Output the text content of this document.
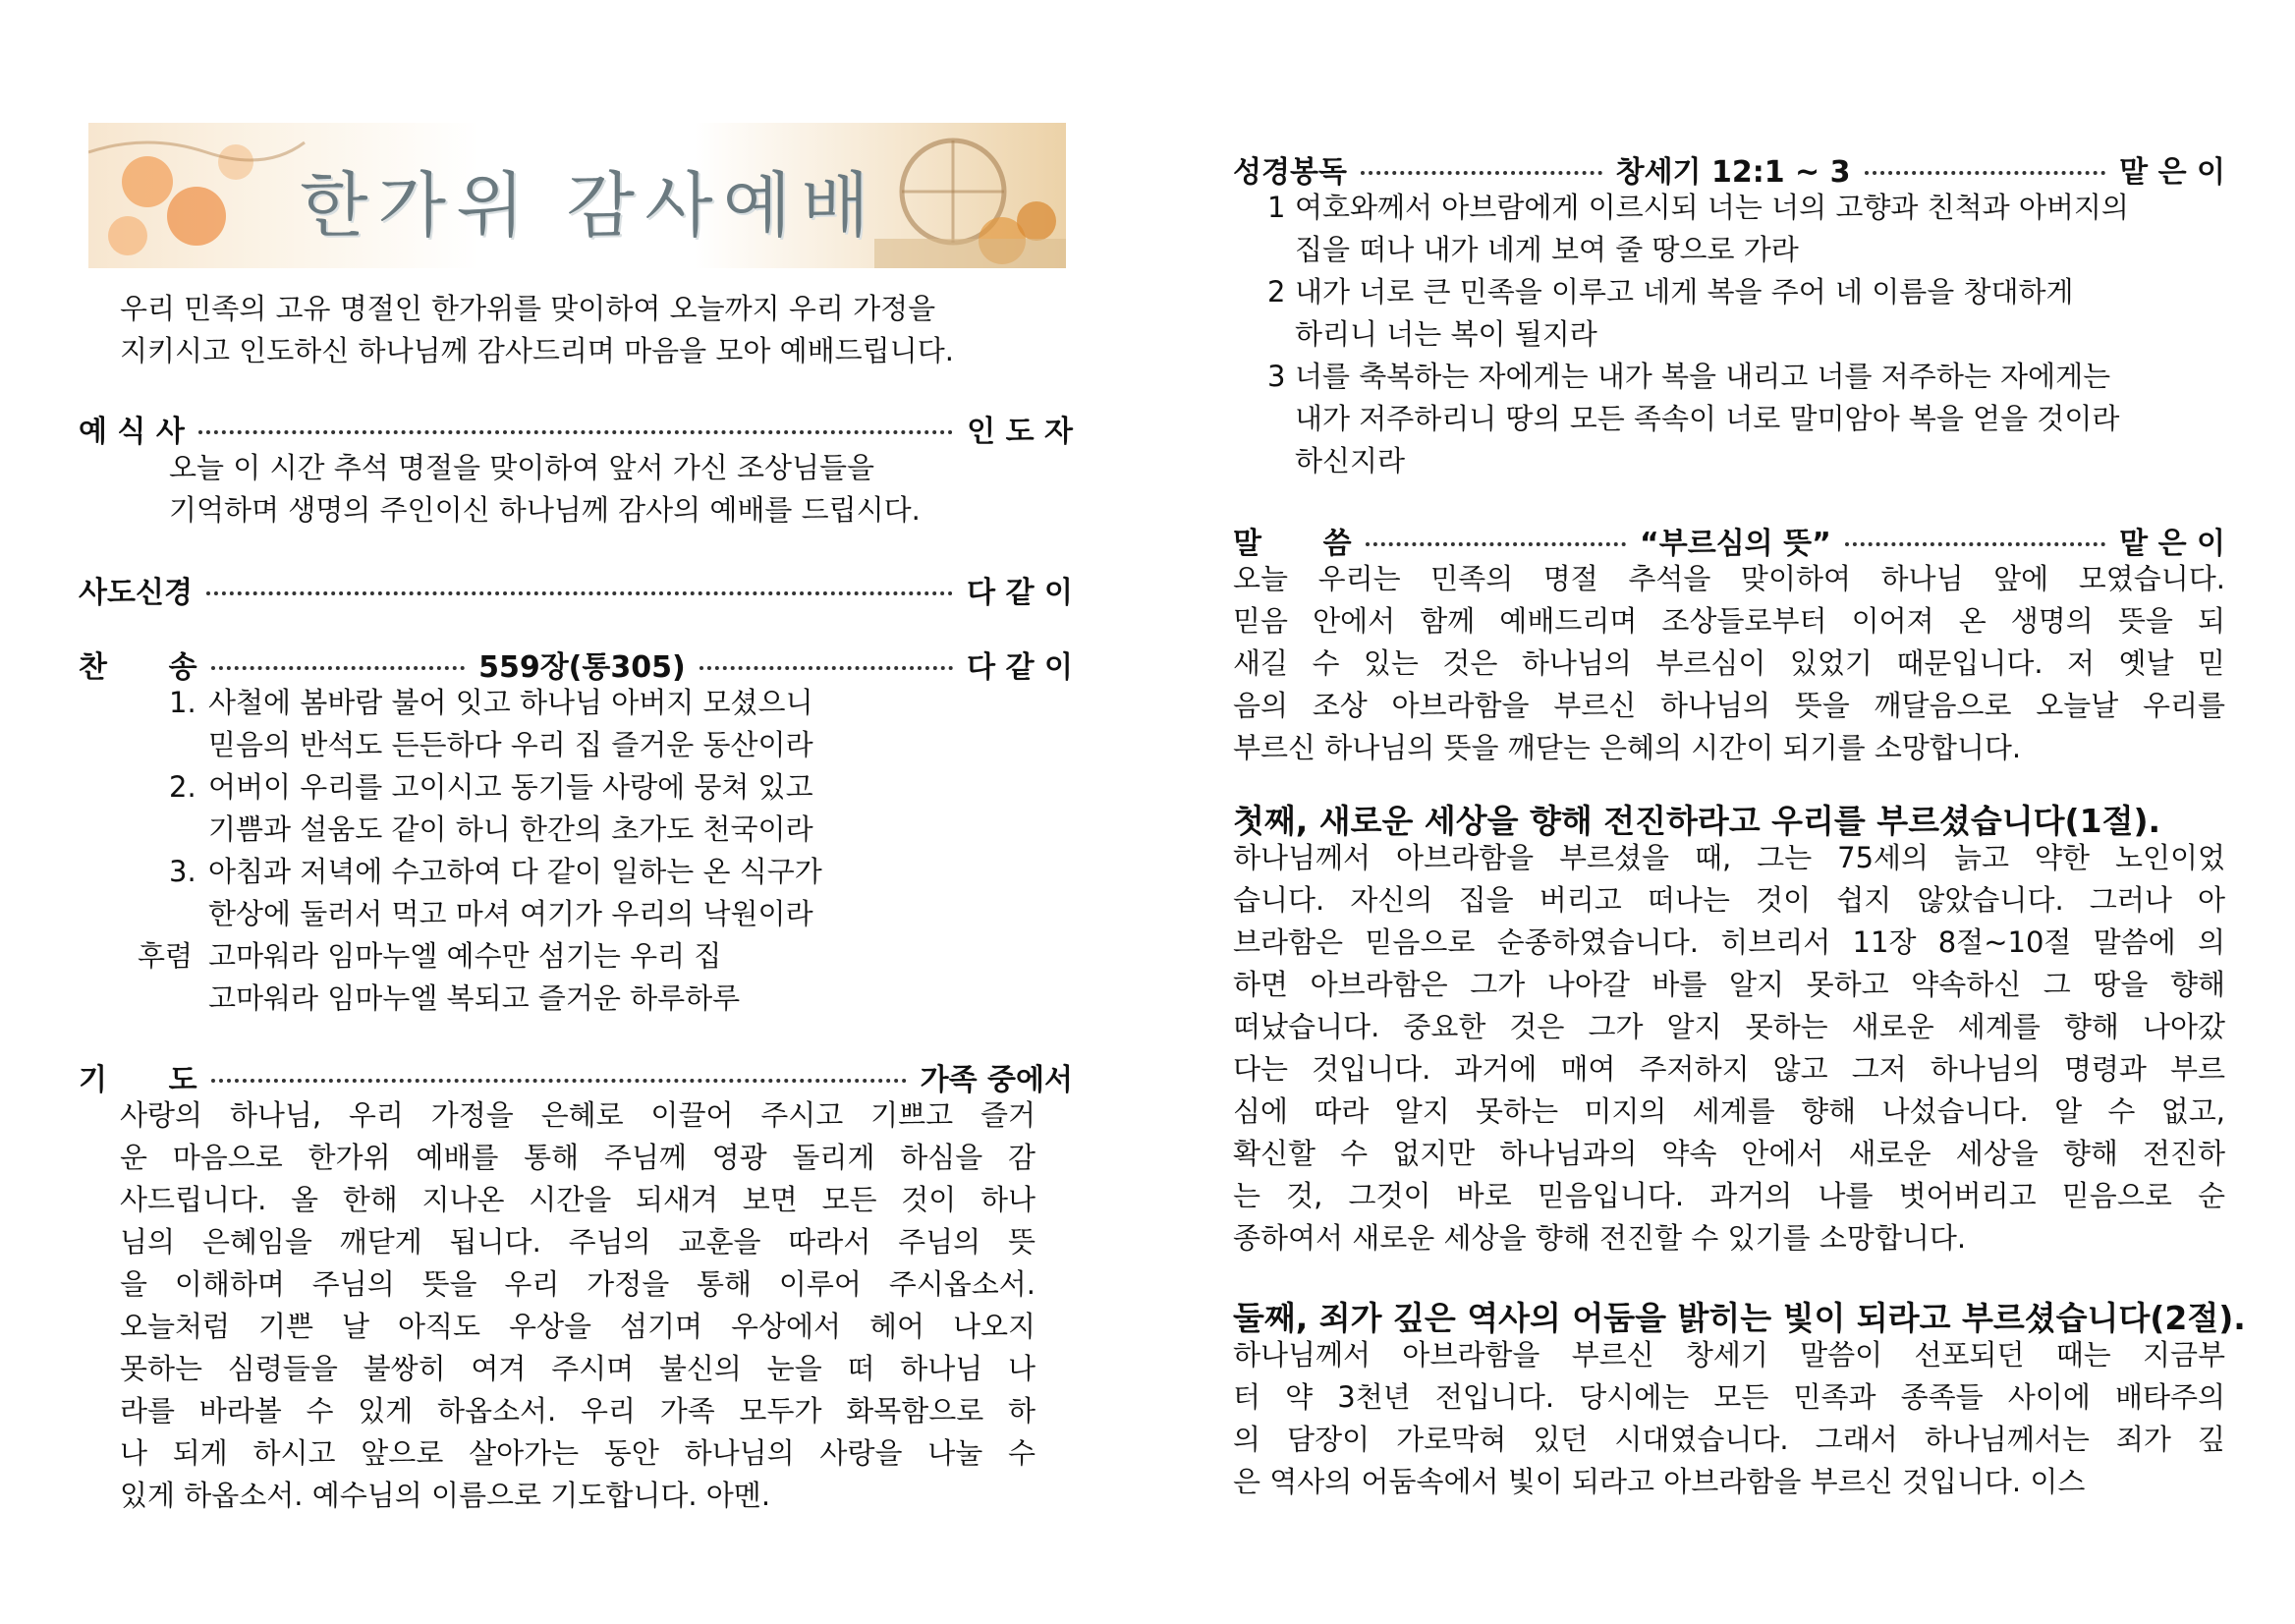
한가위 감사예배
우리 민족의 고유 명절인 한가위를 맞이하여 오늘까지 우리 가정을
지키시고 인도하신 하나님께 감사드리며 마음을 모아 예배드립니다.
예 식 사	인 도 자
오늘 이 시간 추석 명절을 맞이하여 앞서 가신 조상님들을
기억하며 생명의 주인이신 하나님께 감사의 예배를 드립시다.
사도신경	다 같 이
찬      송	559장(통305)	다 같 이
1. 사철에 봄바람 불어 잇고 하나님 아버지 모셨으니
믿음의 반석도 든든하다 우리 집 즐거운 동산이라
2. 어버이 우리를 고이시고 동기들 사랑에 뭉쳐 있고
기쁨과 설움도 같이 하니 한간의 초가도 천국이라
3. 아침과 저녁에 수고하여 다 같이 일하는 온 식구가
한상에 둘러서 먹고 마셔 여기가 우리의 낙원이라
후렴 고마워라 임마누엘 예수만 섬기는 우리 집
고마워라 임마누엘 복되고 즐거운 하루하루
기      도	가족 중에서
사랑의 하나님, 우리 가정을 은혜로 이끌어 주시고 기쁘고 즐거
운 마음으로 한가위 예배를 통해 주님께 영광 돌리게 하심을 감
사드립니다. 올 한해 지나온 시간을 되새겨 보면 모든 것이 하나
님의 은혜임을 깨닫게 됩니다. 주님의 교훈을 따라서 주님의 뜻
을 이해하며 주님의 뜻을 우리 가정을 통해 이루어 주시옵소서.
오늘처럼 기쁜 날 아직도 우상을 섬기며 우상에서 헤어 나오지
못하는 심령들을 불쌍히 여겨 주시며 불신의 눈을 떠 하나님 나
라를 바라볼 수 있게 하옵소서. 우리 가족 모두가 화목함으로 하
나 되게 하시고 앞으로 살아가는 동안 하나님의 사랑을 나눌 수
있게 하옵소서. 예수님의 이름으로 기도합니다. 아멘.
성경봉독	창세기 12:1 ~ 3	맡 은 이
1 여호와께서 아브람에게 이르시되 너는 너의 고향과 친척과 아버지의
집을 떠나 내가 네게 보여 줄 땅으로 가라
2 내가 너로 큰 민족을 이루고 네게 복을 주어 네 이름을 창대하게
하리니 너는 복이 될지라
3 너를 축복하는 자에게는 내가 복을 내리고 너를 저주하는 자에게는
내가 저주하리니 땅의 모든 족속이 너로 말미암아 복을 얻을 것이라
하신지라
말      씀	“부르심의 뜻”	맡 은 이
오늘 우리는 민족의 명절 추석을 맞이하여 하나님 앞에 모였습니다.
믿음 안에서 함께 예배드리며 조상들로부터 이어져 온 생명의 뜻을 되
새길 수 있는 것은 하나님의 부르심이 있었기 때문입니다. 저 옛날 믿
음의 조상 아브라함을 부르신 하나님의 뜻을 깨달음으로 오늘날 우리를
부르신 하나님의 뜻을 깨닫는 은혜의 시간이 되기를 소망합니다.
첫째, 새로운 세상을 향해 전진하라고 우리를 부르셨습니다(1절).
하나님께서 아브라함을 부르셨을 때, 그는 75세의 늙고 약한 노인이었
습니다. 자신의 집을 버리고 떠나는 것이 쉽지 않았습니다. 그러나 아
브라함은 믿음으로 순종하였습니다. 히브리서 11장 8절~10절 말씀에 의
하면 아브라함은 그가 나아갈 바를 알지 못하고 약속하신 그 땅을 향해
떠났습니다. 중요한 것은 그가 알지 못하는 새로운 세계를 향해 나아갔
다는 것입니다. 과거에 매여 주저하지 않고 그저 하나님의 명령과 부르
심에 따라 알지 못하는 미지의 세계를 향해 나섰습니다. 알 수 없고,
확신할 수 없지만 하나님과의 약속 안에서 새로운 세상을 향해 전진하
는 것, 그것이 바로 믿음입니다. 과거의 나를 벗어버리고 믿음으로 순
종하여서 새로운 세상을 향해 전진할 수 있기를 소망합니다.
둘째, 죄가 깊은 역사의 어둠을 밝히는 빛이 되라고 부르셨습니다(2절).
하나님께서 아브라함을 부르신 창세기 말씀이 선포되던 때는 지금부
터 약 3천년 전입니다. 당시에는 모든 민족과 종족들 사이에 배타주의
의 담장이 가로막혀 있던 시대였습니다. 그래서 하나님께서는 죄가 깊
은 역사의 어둠속에서 빛이 되라고 아브라함을 부르신 것입니다. 이스
